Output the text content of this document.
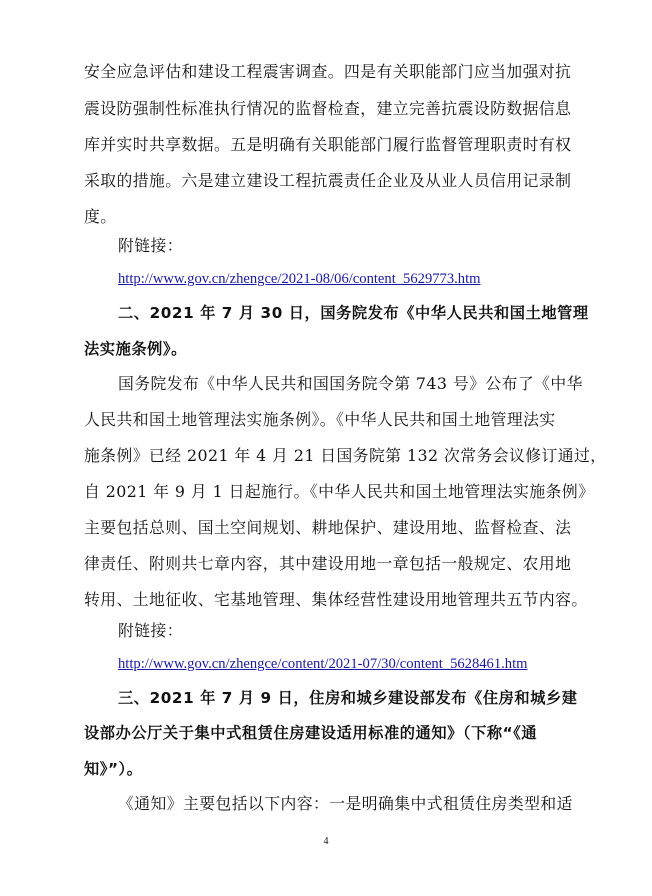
安全应急评估和建设工程震害调查。四是有关职能部门应当加强对抗
震设防强制性标准执行情况的监督检查，建立完善抗震设防数据信息
库并实时共享数据。五是明确有关职能部门履行监督管理职责时有权
采取的措施。六是建立建设工程抗震责任企业及从业人员信用记录制
度。
附链接：
http://www.gov.cn/zhengce/2021-08/06/content_5629773.htm
二、2021 年 7 月 30 日，国务院发布《中华人民共和国土地管理
法实施条例》。
国务院发布《中华人民共和国国务院令第 743 号》公布了《中华
人民共和国土地管理法实施条例》。《中华人民共和国土地管理法实
施条例》已经 2021 年 4 月 21 日国务院第 132 次常务会议修订通过，
自 2021 年 9 月 1 日起施行。《中华人民共和国土地管理法实施条例》
主要包括总则、国土空间规划、耕地保护、建设用地、监督检查、法
律责任、附则共七章内容，其中建设用地一章包括一般规定、农用地
转用、土地征收、宅基地管理、集体经营性建设用地管理共五节内容。
附链接：
http://www.gov.cn/zhengce/content/2021-07/30/content_5628461.htm
三、2021 年 7 月 9 日，住房和城乡建设部发布《住房和城乡建
设部办公厅关于集中式租赁住房建设适用标准的通知》（下称“《通
知》”）。
《通知》主要包括以下内容：一是明确集中式租赁住房类型和适
4
